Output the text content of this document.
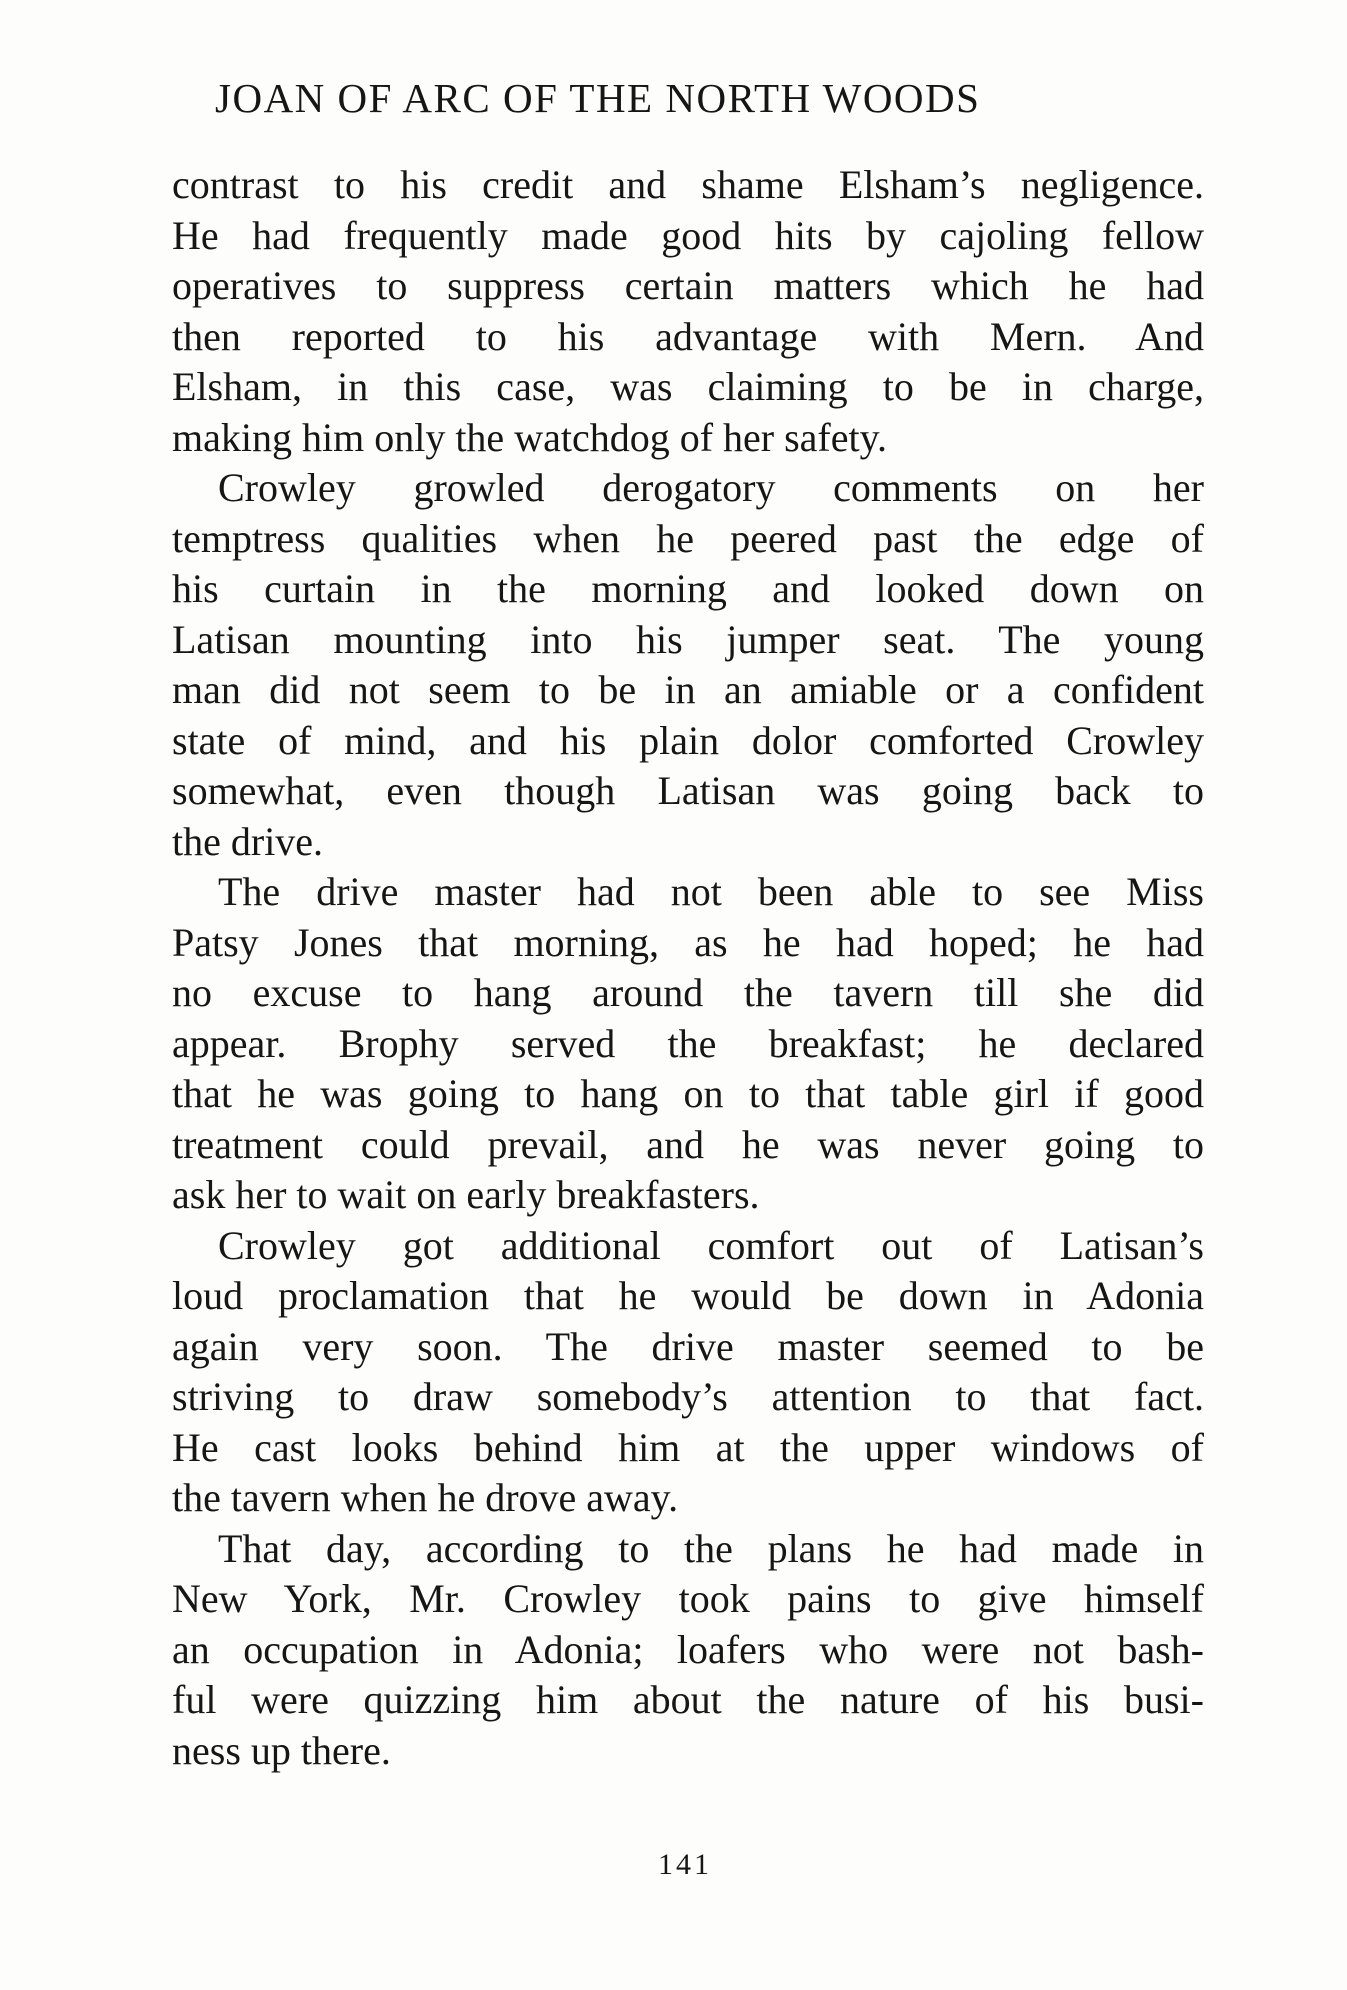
JOAN OF ARC OF THE NORTH WOODS

contrast to his credit and shame Elsham’s negligence.
He had frequently made good hits by cajoling fellow
operatives to suppress certain matters which he had
then reported to his advantage with Mern. And
Elsham, in this case, was claiming to be in charge,
making him only the watchdog of her safety.

Crowley growled derogatory comments on her
temptress qualities when he peered past the edge of
his curtain in the morning and looked down on
Latisan mounting into his jumper seat. The young
man did not seem to be in an amiable or a confident
state of mind, and his plain dolor comforted Crowley
somewhat, even though Latisan was going back to
the drive.

The drive master had not been able to see Miss
Patsy Jones that morning, as he had hoped; he had
no excuse to hang around the tavern till she did
appear. Brophy served the breakfast; he declared
that he was going to hang on to that table girl if good
treatment could prevail, and he was never going to
ask her to wait on early breakfasters.

Crowley got additional comfort out of Latisan’s
loud proclamation that he would be down in Adonia
again very soon. The drive master seemed to be
striving to draw somebody’s attention to that fact.
He cast looks behind him at the upper windows of
the tavern when he drove away.

That day, according to the plans he had made in
New York, Mr. Crowley took pains to give himself
an occupation in Adonia; loafers who were not bash-
ful were quizzing him about the nature of his busi-
ness up there.

141
